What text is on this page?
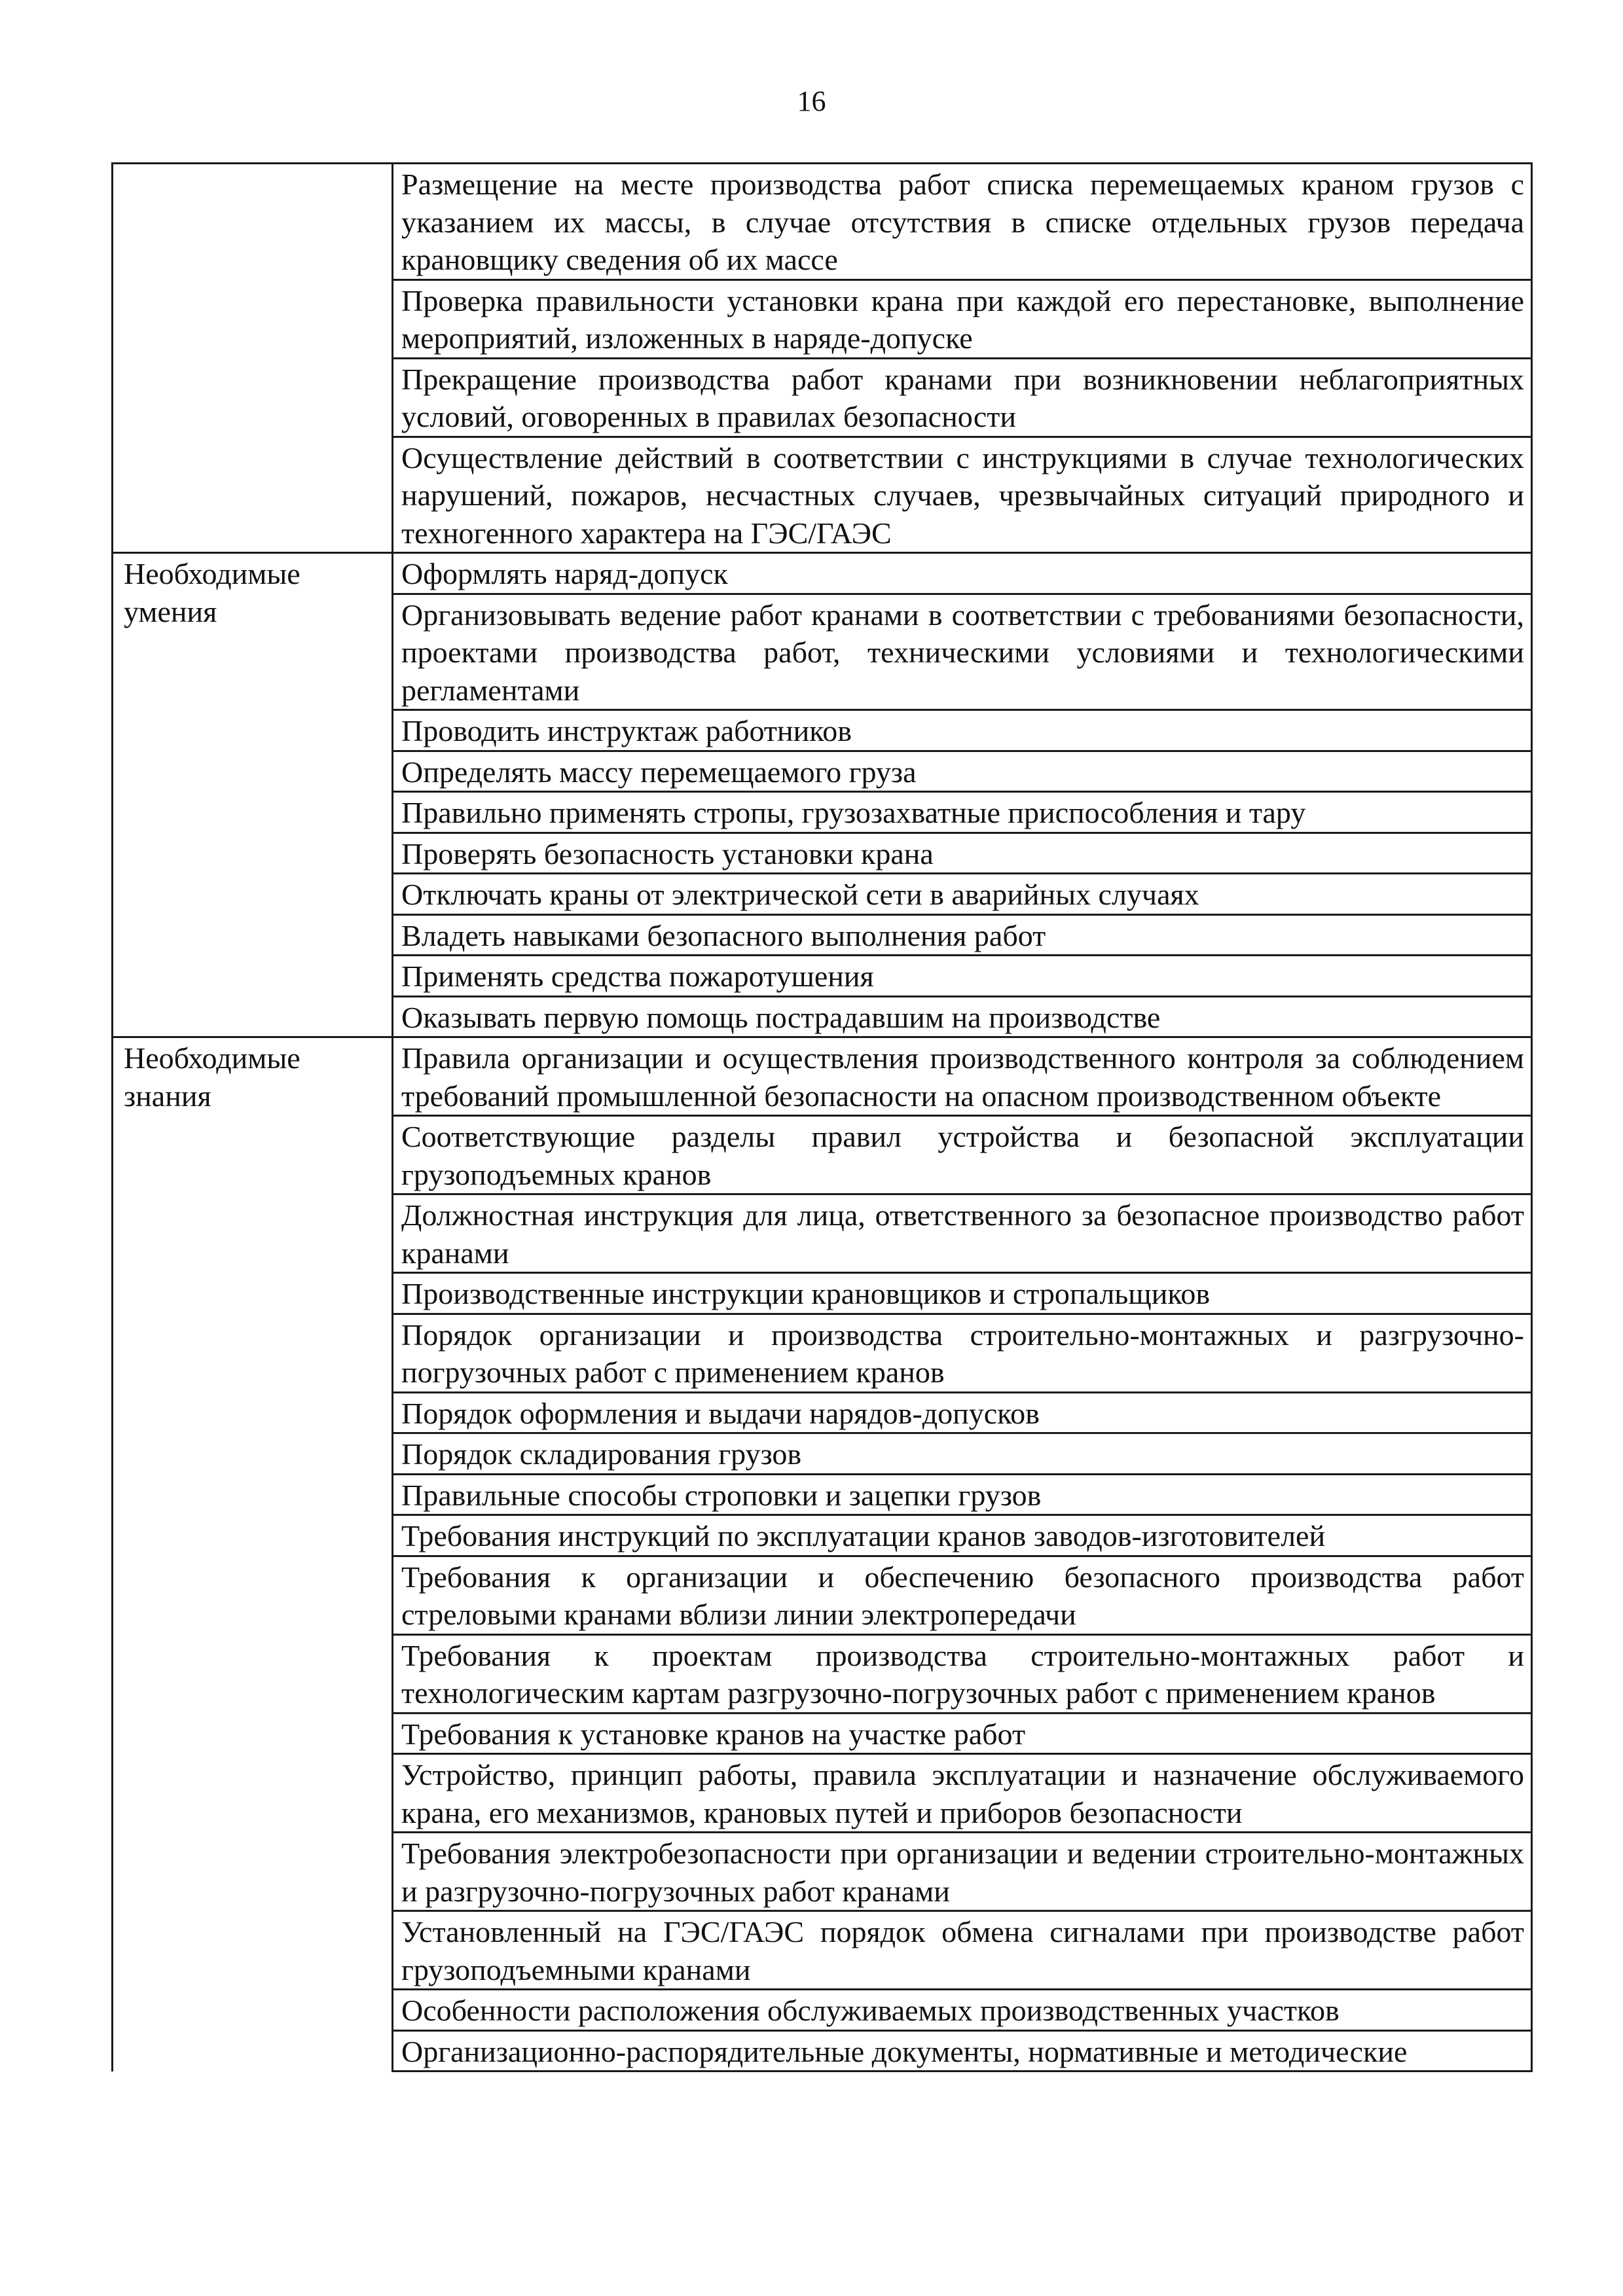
16
	Размещение на месте производства работ списка перемещаемых краном грузов с указанием их массы, в случае отсутствия в списке отдельных грузов передача крановщику сведения об их массе
	Проверка правильности установки крана при каждой его перестановке, выполнение мероприятий, изложенных в наряде-допуске
	Прекращение производства работ кранами при возникновении неблагоприятных условий, оговоренных в правилах безопасности
	Осуществление действий в соответствии с инструкциями в случае технологических нарушений, пожаров, несчастных случаев, чрезвычайных ситуаций природного и техногенного характера на ГЭС/ГАЭС
Необходимые умения	Оформлять наряд-допуск
	Организовывать ведение работ кранами в соответствии с требованиями безопасности, проектами производства работ, техническими условиями и технологическими регламентами
	Проводить инструктаж работников
	Определять массу перемещаемого груза
	Правильно применять стропы, грузозахватные приспособления и тару
	Проверять безопасность установки крана
	Отключать краны от электрической сети в аварийных случаях
	Владеть навыками безопасного выполнения работ
	Применять средства пожаротушения
	Оказывать первую помощь пострадавшим на производстве
Необходимые знания	Правила организации и осуществления производственного контроля за соблюдением требований промышленной безопасности на опасном производственном объекте
	Соответствующие разделы правил устройства и безопасной эксплуатации грузоподъемных кранов
	Должностная инструкция для лица, ответственного за безопасное производство работ кранами
	Производственные инструкции крановщиков и стропальщиков
	Порядок организации и производства строительно-монтажных и разгрузочно-погрузочных работ с применением кранов
	Порядок оформления и выдачи нарядов-допусков
	Порядок складирования грузов
	Правильные способы строповки и зацепки грузов
	Требования инструкций по эксплуатации кранов заводов-изготовителей
	Требования к организации и обеспечению безопасного производства работ стреловыми кранами вблизи линии электропередачи
	Требования к проектам производства строительно-монтажных работ и технологическим картам разгрузочно-погрузочных работ с применением кранов
	Требования к установке кранов на участке работ
	Устройство, принцип работы, правила эксплуатации и назначение обслуживаемого крана, его механизмов, крановых путей и приборов безопасности
	Требования электробезопасности при организации и ведении строительно-монтажных и разгрузочно-погрузочных работ кранами
	Установленный на ГЭС/ГАЭС порядок обмена сигналами при производстве работ грузоподъемными кранами
	Особенности расположения обслуживаемых производственных участков
	Организационно-распорядительные документы, нормативные и методические
